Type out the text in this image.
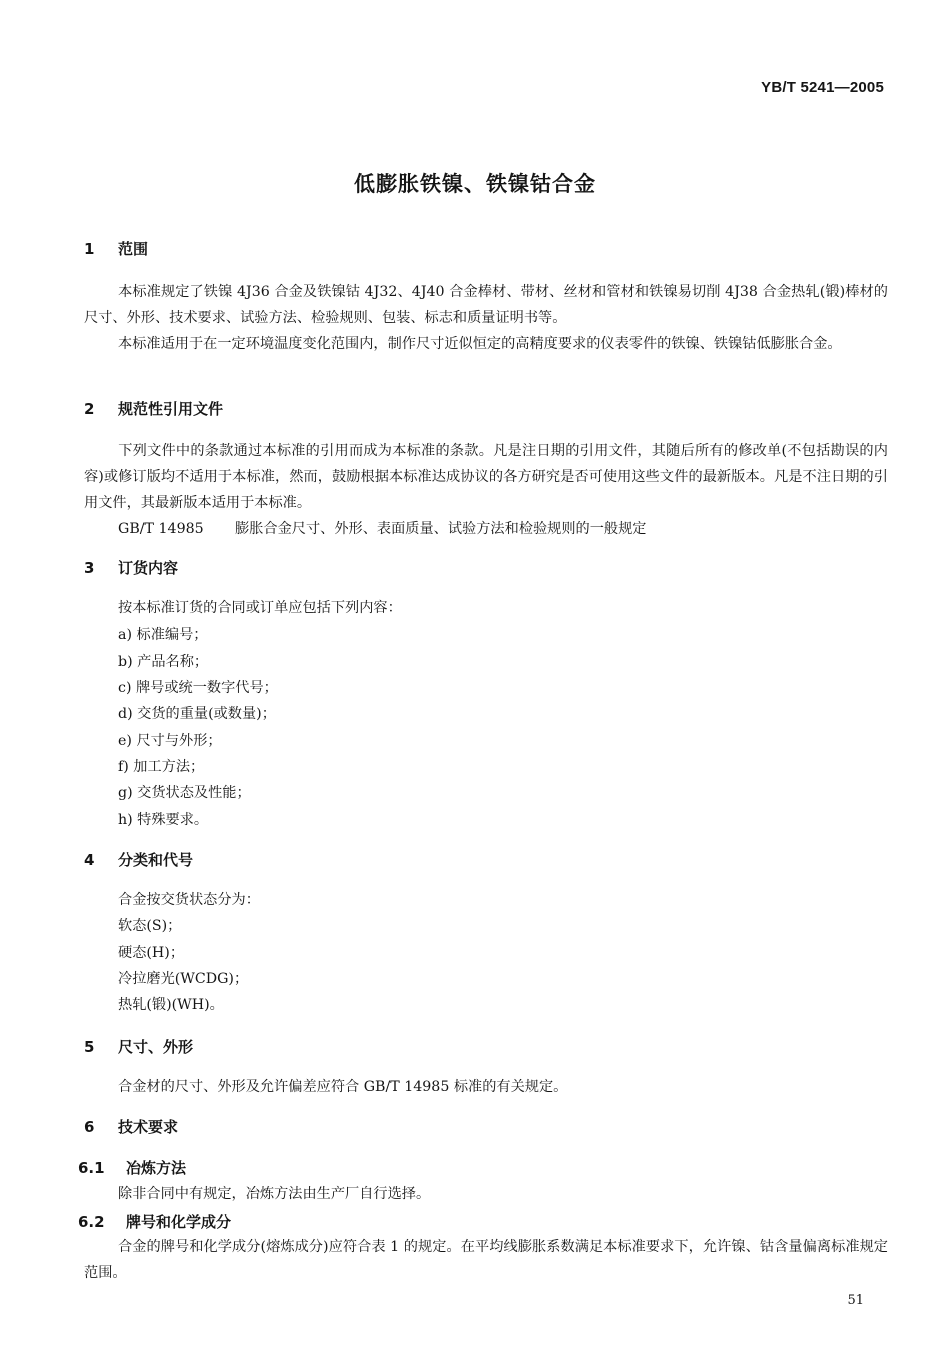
YB/T 5241—2005
低膨胀铁镍、铁镍钴合金
1 范围
本标准规定了铁镍 4J36 合金及铁镍钴 4J32、4J40 合金棒材、带材、丝材和管材和铁镍易切削 4J38 合金热轧(锻)棒材的尺寸、外形、技术要求、试验方法、检验规则、包装、标志和质量证明书等。
本标准适用于在一定环境温度变化范围内，制作尺寸近似恒定的高精度要求的仪表零件的铁镍、铁镍钴低膨胀合金。
2 规范性引用文件
下列文件中的条款通过本标准的引用而成为本标准的条款。凡是注日期的引用文件，其随后所有的修改单(不包括勘误的内容)或修订版均不适用于本标准，然而，鼓励根据本标准达成协议的各方研究是否可使用这些文件的最新版本。凡是不注日期的引用文件，其最新版本适用于本标准。
GB/T 14985 膨胀合金尺寸、外形、表面质量、试验方法和检验规则的一般规定
3 订货内容
按本标准订货的合同或订单应包括下列内容：
a) 标准编号；
b) 产品名称；
c) 牌号或统一数字代号；
d) 交货的重量(或数量)；
e) 尺寸与外形；
f) 加工方法；
g) 交货状态及性能；
h) 特殊要求。
4 分类和代号
合金按交货状态分为：
软态(S)；
硬态(H)；
冷拉磨光(WCDG)；
热轧(锻)(WH)。
5 尺寸、外形
合金材的尺寸、外形及允许偏差应符合 GB/T 14985 标准的有关规定。
6 技术要求
6.1 冶炼方法
除非合同中有规定，冶炼方法由生产厂自行选择。
6.2 牌号和化学成分
合金的牌号和化学成分(熔炼成分)应符合表 1 的规定。在平均线膨胀系数满足本标准要求下，允许镍、钴含量偏离标准规定范围。
51
